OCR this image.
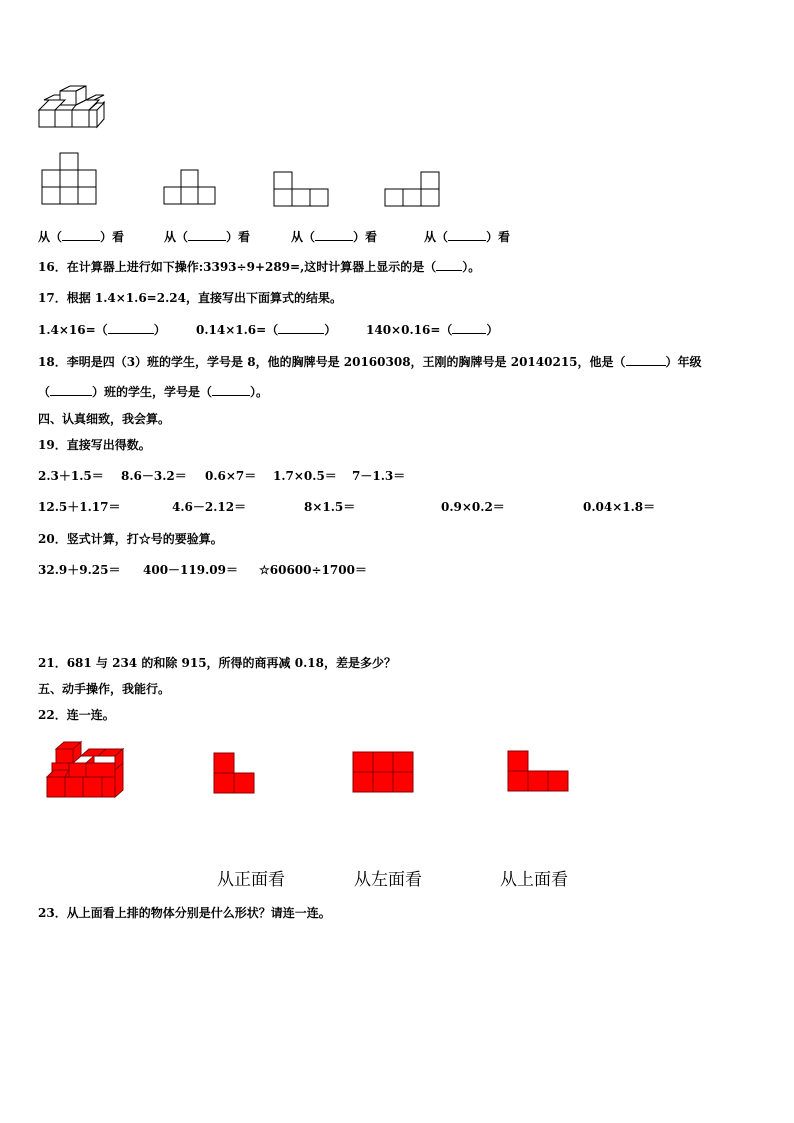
从（	）看	从（	）看	从（	）看	从（	）看
16．在计算器上进行如下操作:3393÷9+289=,这时计算器上显示的是（ ）。
17．根据 1.4×1.6=2.24，直接写出下面算式的结果。
1.4×16=（	）	0.14×1.6=（	） 140×0.16=（	）
18．李明是四（3）班的学生，学号是 8，他的胸牌号是 20160308，王刚的胸牌号是 20140215，他是（	）年级
（	）班的学生，学号是（	）。
四、认真细致，我会算。
19．直接写出得数。
2.3＋1.5＝ 8.6－3.2＝ 0.6×7＝ 1.7×0.5＝ 7－1.3＝
12.5＋1.17＝	4.6－2.12＝	8×1.5＝	0.9×0.2＝	0.04×1.8＝
20．竖式计算，打☆号的要验算。
32.9＋9.25＝ 400－119.09＝ ☆60600÷1700＝
21．681 与 234 的和除 915，所得的商再减 0.18，差是多少？
五、动手操作，我能行。
22．连一连。
从正面看	从左面看	从上面看
23．从上面看上排的物体分别是什么形状？请连一连。
